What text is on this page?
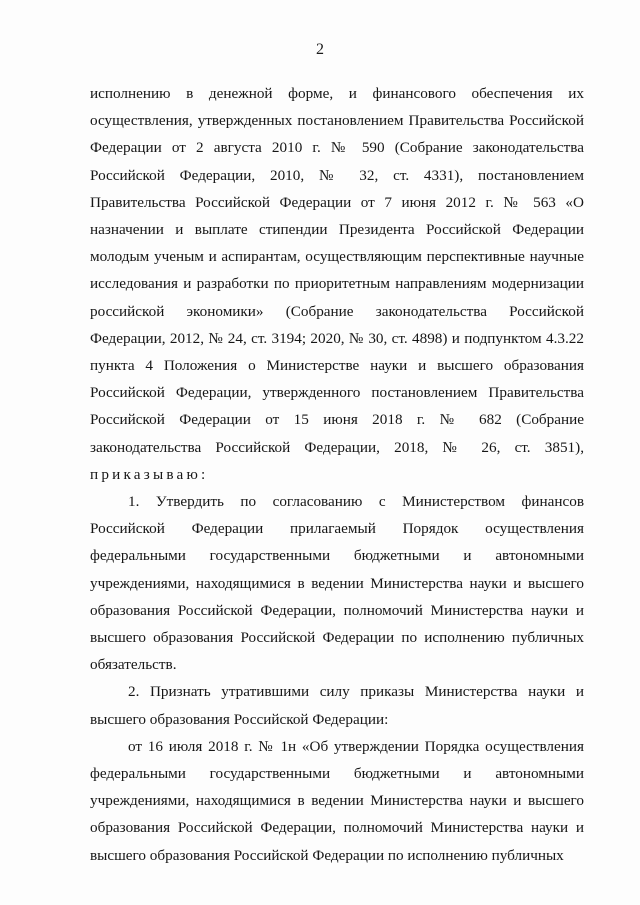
2

исполнению в денежной форме, и финансового обеспечения их осуществления, утвержденных постановлением Правительства Российской Федерации от 2 августа 2010 г. № 590 (Собрание законодательства Российской Федерации, 2010, № 32, ст. 4331), постановлением Правительства Российской Федерации от 7 июня 2012 г. № 563 «О назначении и выплате стипендии Президента Российской Федерации молодым ученым и аспирантам, осуществляющим перспективные научные исследования и разработки по приоритетным направлениям модернизации российской экономики» (Собрание законодательства Российской Федерации, 2012, № 24, ст. 3194; 2020, № 30, ст. 4898) и подпунктом 4.3.22 пункта 4 Положения о Министерстве науки и высшего образования Российской Федерации, утвержденного постановлением Правительства Российской Федерации от 15 июня 2018 г. № 682 (Собрание законодательства Российской Федерации, 2018, № 26, ст. 3851), приказываю:

1. Утвердить по согласованию с Министерством финансов Российской Федерации прилагаемый Порядок осуществления федеральными государственными бюджетными и автономными учреждениями, находящимися в ведении Министерства науки и высшего образования Российской Федерации, полномочий Министерства науки и высшего образования Российской Федерации по исполнению публичных обязательств.

2. Признать утратившими силу приказы Министерства науки и высшего образования Российской Федерации:

от 16 июля 2018 г. № 1н «Об утверждении Порядка осуществления федеральными государственными бюджетными и автономными учреждениями, находящимися в ведении Министерства науки и высшего образования Российской Федерации, полномочий Министерства науки и высшего образования Российской Федерации по исполнению публичных
